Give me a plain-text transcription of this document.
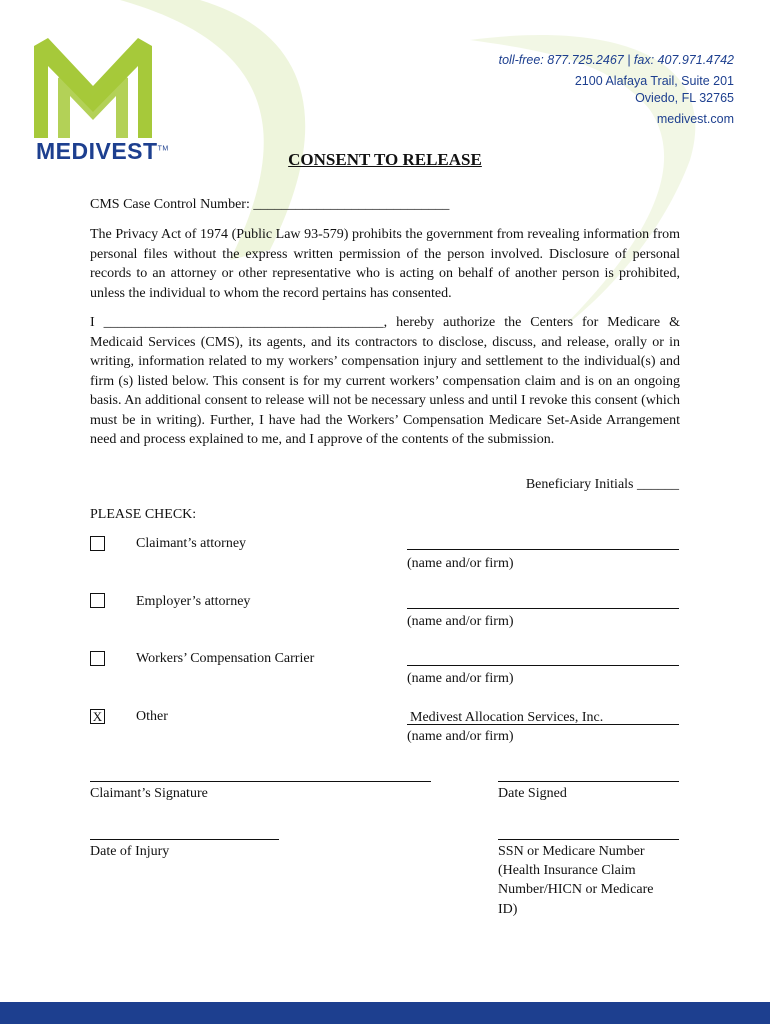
MEDIVEST™
toll-free: 877.725.2467 | fax: 407.971.4742
2100 Alafaya Trail, Suite 201
Oviedo, FL 32765
medivest.com
CONSENT TO RELEASE
CMS Case Control Number: ____________________________
The Privacy Act of 1974 (Public Law 93-579) prohibits the government from revealing information from personal files without the express written permission of the person involved. Disclosure of personal records to an attorney or other representative who is acting on behalf of another person is prohibited, unless the individual to whom the record pertains has consented.
I ________________________________________, hereby authorize the Centers for Medicare & Medicaid Services (CMS), its agents, and its contractors to disclose, discuss, and release, orally or in writing, information related to my workers’ compensation injury and settlement to the individual(s) and firm (s) listed below. This consent is for my current workers’ compensation claim and is on an ongoing basis. An additional consent to release will not be necessary unless and until I revoke this consent (which must be in writing). Further, I have had the Workers’ Compensation Medicare Set-Aside Arrangement need and process explained to me, and I approve of the contents of the submission.
Beneficiary Initials ______
PLEASE CHECK:
Claimant’s attorney
(name and/or firm)
Employer’s attorney
(name and/or firm)
Workers’ Compensation Carrier
(name and/or firm)
X Other	Medivest Allocation Services, Inc.
(name and/or firm)
Claimant’s Signature	Date Signed
Date of Injury	SSN or Medicare Number
(Health Insurance Claim
Number/HICN or Medicare
ID)
